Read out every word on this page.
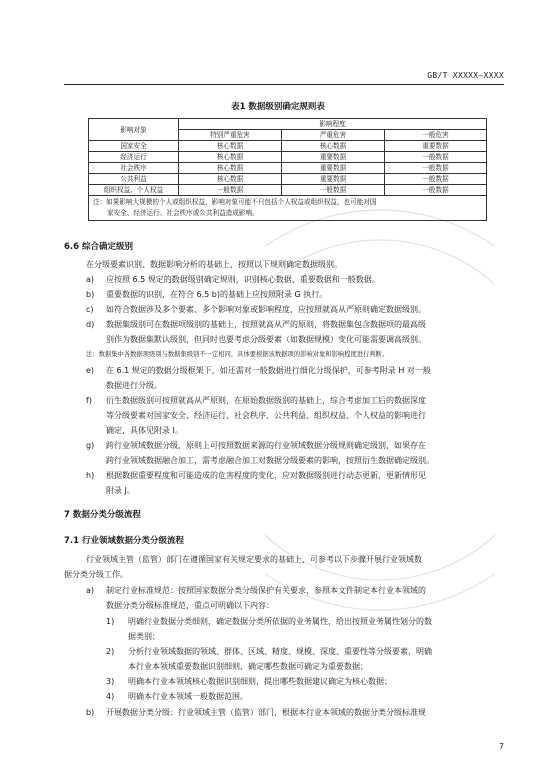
GB/T XXXXX—XXXX
表1 数据级别确定规则表
影响对象	影响程度		
	特别严重危害	严重危害	一般危害
国家安全	核心数据	核心数据	重要数据
经济运行	核心数据	重要数据	一般数据
社会秩序	核心数据	重要数据	一般数据
公共利益	核心数据	重要数据	一般数据
组织权益、个人权益	一般数据	一般数据	一般数据

注：如果影响大规模的个人或组织权益，影响对象可能不只包括个人权益或组织权益，也可能对国
家安全、经济运行、社会秩序或公共利益造成影响。			
6.6 综合确定级别
在分级要素识别、数据影响分析的基础上，按照以下规则确定数据级别。
a) 应按照 6.5 规定的数据级别确定规则，识别核心数据、重要数据和一般数据。
b) 重要数据的识别，在符合 6.5 b)的基础上应按照附录 G 执行。
c) 如符合数据涉及多个要素、多个影响对象或影响程度，应按照就高从严原则确定数据级别。
d) 数据集级别可在数据项级别的基础上，按照就高从严的原则，将数据集包含数据项的最高级
别作为数据集默认级别，但同时也要考虑分级要素（如数据规模）变化可能需要调高级别。
注：数据集中各数据项级别与数据集级别不一定相同，具体要根据该数据项的影响对象和影响程度进行判断。
e) 在 6.1 规定的数据分级框架下，如还需对一般数据进行细化分级保护，可参考附录 H 对一般
数据进行分级。
f) 衍生数据级别可按照就高从严原则，在原始数据级别的基础上，综合考虑加工后的数据深度
等分级要素对国家安全、经济运行、社会秩序、公共利益、组织权益、个人权益的影响进行
确定，具体见附录 I。
g) 跨行业领域数据分级，原则上可按照数据来源的行业领域数据分级规则确定级别，如果存在
跨行业领域数据融合加工，需考虑融合加工对数据分级要素的影响，按照衍生数据确定级别。
h) 根据数据重要程度和可能造成的危害程度的变化，应对数据级别进行动态更新，更新情形见
附录 J。
7 数据分类分级流程
7.1 行业领域数据分类分级流程
行业领域主管（监管）部门在遵循国家有关规定要求的基础上，可参考以下步骤开展行业领域数
据分类分级工作。
a) 制定行业标准规范：按照国家数据分类分级保护有关要求，参照本文件制定本行业本领域的
数据分类分级标准规范，重点可明确以下内容：
1) 明确行业数据分类细则，确定数据分类所依据的业务属性，给出按照业务属性划分的数
据类别；
2) 分析行业领域数据的领域、群体、区域、精度、规模、深度、重要性等分级要素，明确
本行业本领域重要数据识别细则，确定哪些数据可确定为重要数据；
3) 明确本行业本领域核心数据识别细则，提出哪些数据建议确定为核心数据；
4) 明确本行业本领域一般数据范围。
b) 开展数据分类分级：行业领域主管（监管）部门，根据本行业本领域的数据分类分级标准规
7
